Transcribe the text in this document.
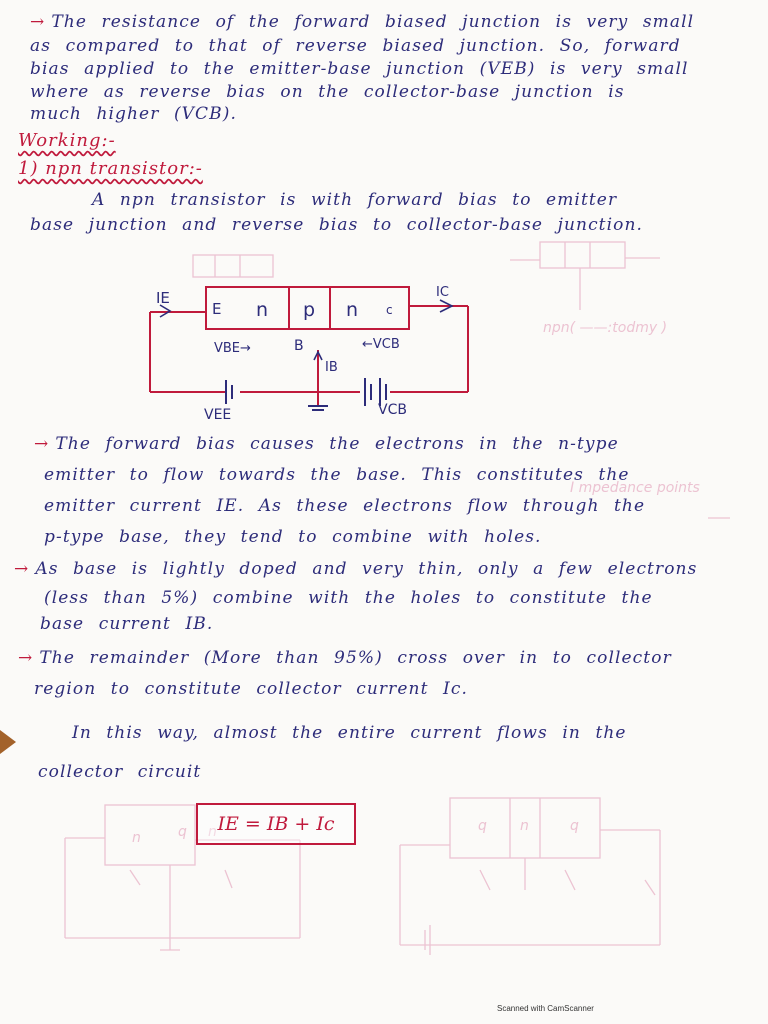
npn( ——:todmy )
I mpedance points
n	q n	q n	q
→ The resistance of the forward biased junction is very small
as compared to that of reverse biased junction. So, forward
bias applied to the emitter-base junction (VEB) is very small
where as reverse bias on the collector-base junction is
much higher (VCB).
Working:-
1) npn transistor:-
A npn transistor is with forward bias to emitter
base junction and reverse bias to collector-base junction.
IE
E n p n c
IC
VBE→	B	←VCB
IB
VEE	VCB
→ The forward bias causes the electrons in the n-type
emitter to flow towards the base. This constitutes the
emitter current IE. As these electrons flow through the
p-type base, they tend to combine with holes.
→ As base is lightly doped and very thin, only a few electrons
(less than 5%) combine with the holes to constitute the
base current IB.
→ The remainder (More than 95%) cross over in to collector
region to constitute collector current Ic.
In this way, almost the entire current flows in the
collector circuit
IE = IB + Ic
Scanned with CamScanner
